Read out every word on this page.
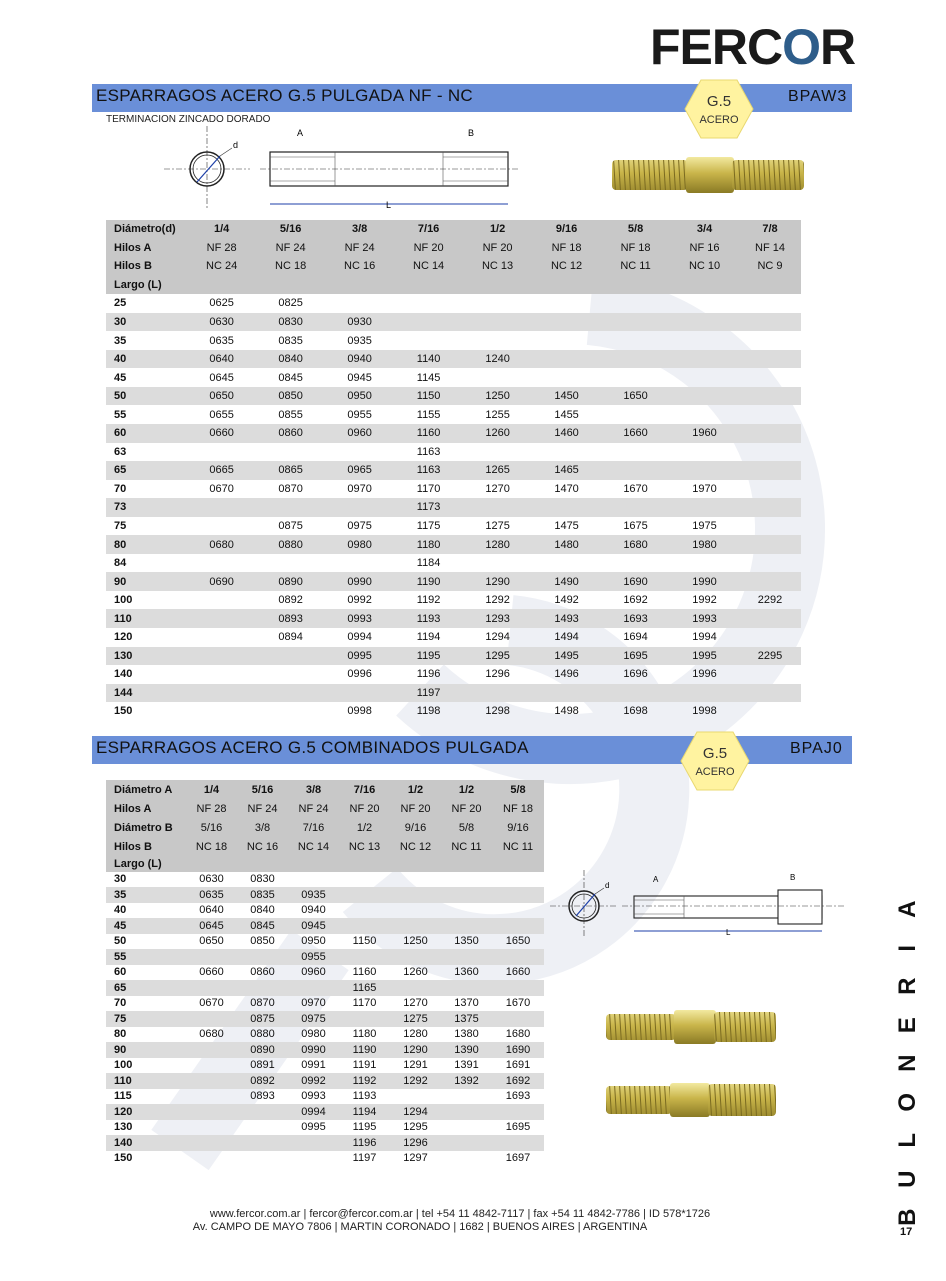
FERCOR
ESPARRAGOS ACERO G.5 PULGADA NF - NC	BPAW3
G.5
ACERO
TERMINACION ZINCADO DORADO
d
A	B
L
Diámetro(d)	1/4	5/16	3/8	7/16	1/2	9/16	5/8	3/4	7/8
Hilos A	NF 28	NF 24	NF 24	NF 20	NF 20	NF 18	NF 18	NF 16	NF 14
Hilos B	NC 24	NC 18	NC 16	NC 14	NC 13	NC 12	NC 11	NC 10	NC 9
Largo (L)									
25	0625	0825							
30	0630	0830	0930						
35	0635	0835	0935						
40	0640	0840	0940	1140	1240				
45	0645	0845	0945	1145					
50	0650	0850	0950	1150	1250	1450	1650		
55	0655	0855	0955	1155	1255	1455			
60	0660	0860	0960	1160	1260	1460	1660	1960	
63				1163					
65	0665	0865	0965	1163	1265	1465			
70	0670	0870	0970	1170	1270	1470	1670	1970	
73				1173					
75		0875	0975	1175	1275	1475	1675	1975	
80	0680	0880	0980	1180	1280	1480	1680	1980	
84				1184					
90	0690	0890	0990	1190	1290	1490	1690	1990	
100		0892	0992	1192	1292	1492	1692	1992	2292
110		0893	0993	1193	1293	1493	1693	1993	
120		0894	0994	1194	1294	1494	1694	1994	
130			0995	1195	1295	1495	1695	1995	2295
140			0996	1196	1296	1496	1696	1996	
144				1197					
150			0998	1198	1298	1498	1698	1998	
ESPARRAGOS ACERO G.5 COMBINADOS PULGADA	BPAJ0
G.5
ACERO
Diámetro A	1/4	5/16	3/8	7/16	1/2	1/2	5/8
Hilos A	NF 28	NF 24	NF 24	NF 20	NF 20	NF 20	NF 18
Diámetro B	5/16	3/8	7/16	1/2	9/16	5/8	9/16
Hilos B	NC 18	NC 16	NC 14	NC 13	NC 12	NC 11	NC 11
Largo (L)							
30	0630	0830					
35	0635	0835	0935				
40	0640	0840	0940				
45	0645	0845	0945				
50	0650	0850	0950	1150	1250	1350	1650
55			0955				
60	0660	0860	0960	1160	1260	1360	1660
65				1165			
70	0670	0870	0970	1170	1270	1370	1670
75		0875	0975		1275	1375	
80	0680	0880	0980	1180	1280	1380	1680
90		0890	0990	1190	1290	1390	1690
100		0891	0991	1191	1291	1391	1691
110		0892	0992	1192	1292	1392	1692
115		0893	0993	1193			1693
120			0994	1194	1294		
130			0995	1195	1295		1695
140				1196	1296		
150				1197	1297		1697
d
A	B
L
A
I
R
E
N
O
L
U
B
www.fercor.com.ar | fercor@fercor.com.ar | tel +54 11 4842-7117 | fax +54 11 4842-7786 | ID 578*1726
Av. CAMPO DE MAYO 7806 | MARTIN CORONADO | 1682 | BUENOS AIRES | ARGENTINA	17
